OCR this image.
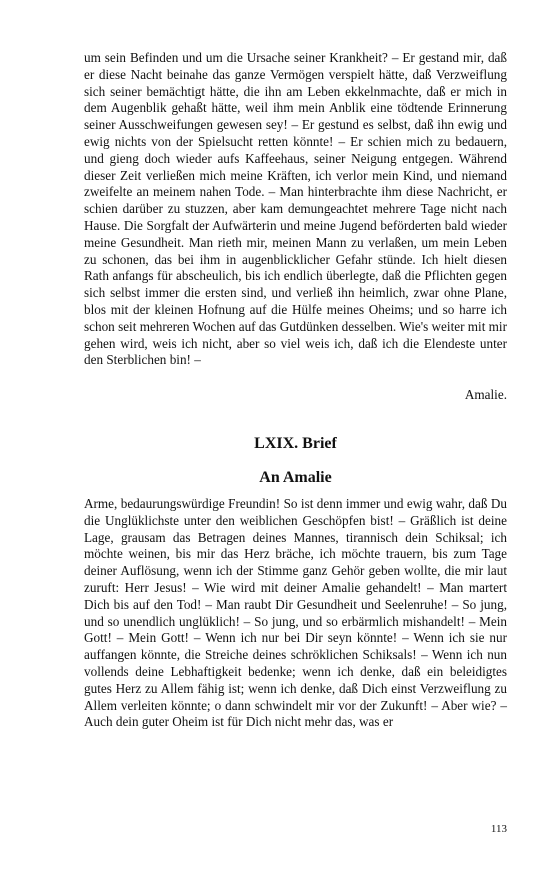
um sein Befinden und um die Ursache seiner Krankheit? – Er gestand mir, daß er diese Nacht beinahe das ganze Vermögen verspielt hätte, daß Verzweiflung sich seiner bemächtigt hätte, die ihn am Leben ekkelnmachte, daß er mich in dem Augenblik gehaßt hätte, weil ihm mein Anblik eine tödtende Erinnerung seiner Ausschweifungen gewesen sey! – Er gestund es selbst, daß ihn ewig und ewig nichts von der Spielsucht retten könnte! – Er schien mich zu bedauern, und gieng doch wieder aufs Kaffeehaus, seiner Neigung entgegen. Während dieser Zeit verließen mich meine Kräften, ich verlor mein Kind, und niemand zweifelte an meinem nahen Tode. – Man hinterbrachte ihm diese Nachricht, er schien darüber zu stuzzen, aber kam demungeachtet mehrere Tage nicht nach Hause. Die Sorgfalt der Aufwärterin und meine Jugend beförderten bald wieder meine Gesundheit. Man rieth mir, meinen Mann zu verlaßen, um mein Leben zu schonen, das bei ihm in augenblicklicher Gefahr stünde. Ich hielt diesen Rath anfangs für abscheulich, bis ich endlich überlegte, daß die Pflichten gegen sich selbst immer die ersten sind, und verließ ihn heimlich, zwar ohne Plane, blos mit der kleinen Hofnung auf die Hülfe meines Oheims; und so harre ich schon seit mehreren Wochen auf das Gutdünken desselben. Wie's weiter mit mir gehen wird, weis ich nicht, aber so viel weis ich, daß ich die Elendeste unter den Sterblichen bin! –

Amalie.

LXIX. Brief
An Amalie

Arme, bedaurungswürdige Freundin! So ist denn immer und ewig wahr, daß Du die Unglüklichste unter den weiblichen Geschöpfen bist! – Gräßlich ist deine Lage, grausam das Betragen deines Mannes, tirannisch dein Schiksal; ich möchte weinen, bis mir das Herz bräche, ich möchte trauern, bis zum Tage deiner Auflösung, wenn ich der Stimme ganz Gehör geben wollte, die mir laut zuruft: Herr Jesus! – Wie wird mit deiner Amalie gehandelt! – Man martert Dich bis auf den Tod! – Man raubt Dir Gesundheit und Seelenruhe! – So jung, und so unendlich unglüklich! – So jung, und so erbärmlich mishandelt! – Mein Gott! – Mein Gott! – Wenn ich nur bei Dir seyn könnte! – Wenn ich sie nur auffangen könnte, die Streiche deines schröklichen Schiksals! – Wenn ich nun vollends deine Lebhaftigkeit bedenke; wenn ich denke, daß ein beleidigtes gutes Herz zu Allem fähig ist; wenn ich denke, daß Dich einst Verzweiflung zu Allem verleiten könnte; o dann schwindelt mir vor der Zukunft! – Aber wie? – Auch dein guter Oheim ist für Dich nicht mehr das, was er

113
